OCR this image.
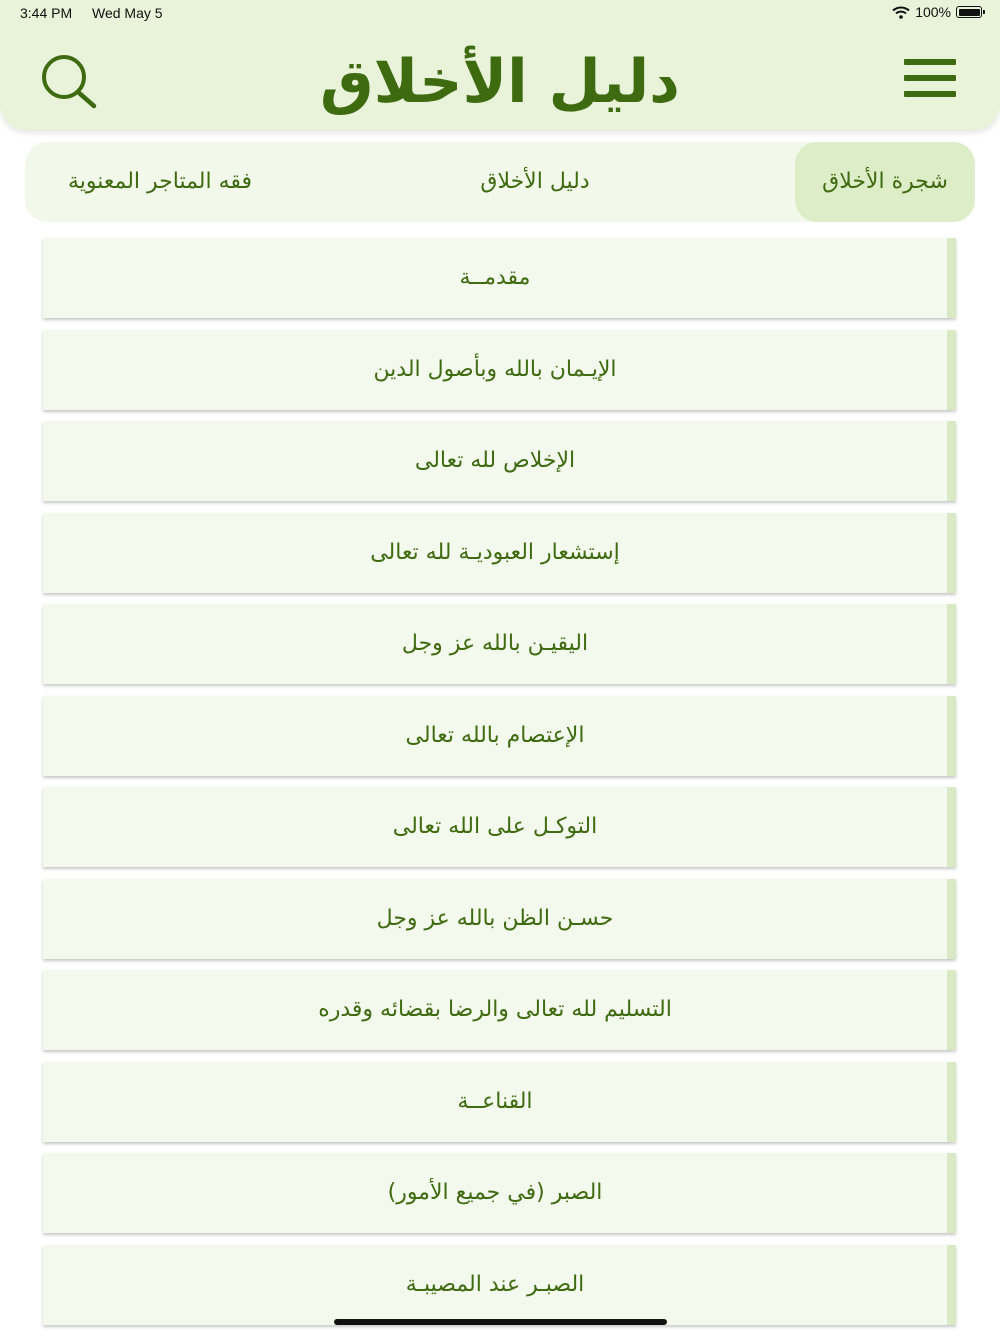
دليل الأخلاق
3:44 PM Wed May 5	100%
شجرة الأخلاق
دليل الأخلاق
فقه المتاجر المعنوية
مقدمــة
الإيـمان بالله وبأصول الدين
الإخلاص لله تعالى
إستشعار العبوديـة لله تعالى
اليقيـن بالله عز وجل
الإعتصام بالله تعالى
التوكـل على الله تعالى
حسـن الظن بالله عز وجل
التسليم لله تعالى والرضا بقضائه وقدره
القناعــة
الصبر (في جميع الأمور)
الصبـر عند المصيبـة
